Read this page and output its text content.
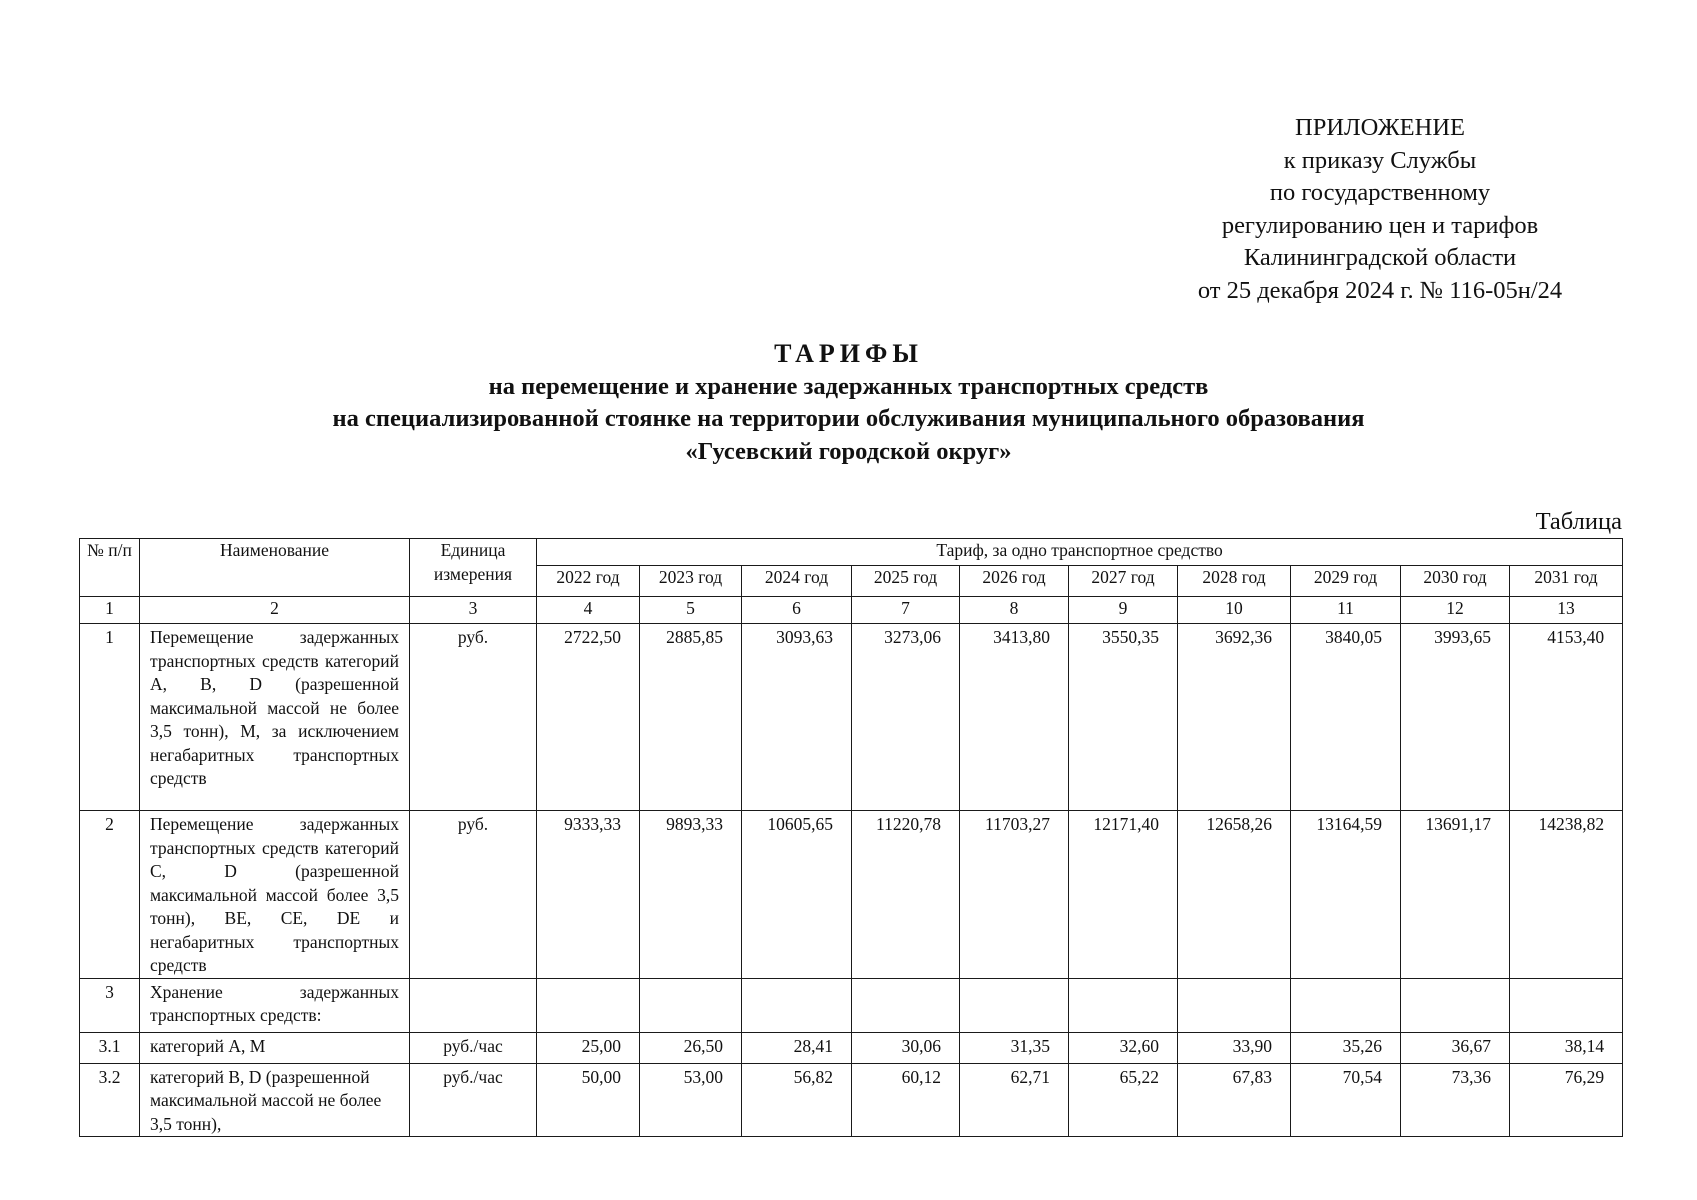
ПРИЛОЖЕНИЕ
к приказу Службы
по государственному
регулированию цен и тарифов
Калининградской области
от 25 декабря 2024 г. № 116-05н/24
ТАРИФЫ
на перемещение и хранение задержанных транспортных средств
на специализированной стоянке на территории обслуживания муниципального образования
«Гусевский городской округ»
Таблица
№ п/п	Наименование	Единица измерения	Тариф, за одно транспортное средство									
			2022 год	2023 год	2024 год	2025 год	2026 год	2027 год	2028 год	2029 год	2030 год	2031 год
1	2	3	4	5	6	7	8	9	10	11	12	13
1	Перемещение задержанных транспортных средств категорий A, B, D (разрешенной максимальной массой не более 3,5 тонн), M, за исключением негабаритных транспортных средств	руб.	2722,50	2885,85	3093,63	3273,06	3413,80	3550,35	3692,36	3840,05	3993,65	4153,40
2	Перемещение задержанных транспортных средств категорий C, D (разрешенной максимальной массой более 3,5 тонн), BE, CE, DE и негабаритных транспортных средств	руб.	9333,33	9893,33	10605,65	11220,78	11703,27	12171,40	12658,26	13164,59	13691,17	14238,82
3	Хранение задержанных транспортных средств:											
3.1	категорий A, M	руб./час	25,00	26,50	28,41	30,06	31,35	32,60	33,90	35,26	36,67	38,14
3.2	категорий B, D (разрешенной максимальной массой не более 3,5 тонн),	руб./час	50,00	53,00	56,82	60,12	62,71	65,22	67,83	70,54	73,36	76,29
